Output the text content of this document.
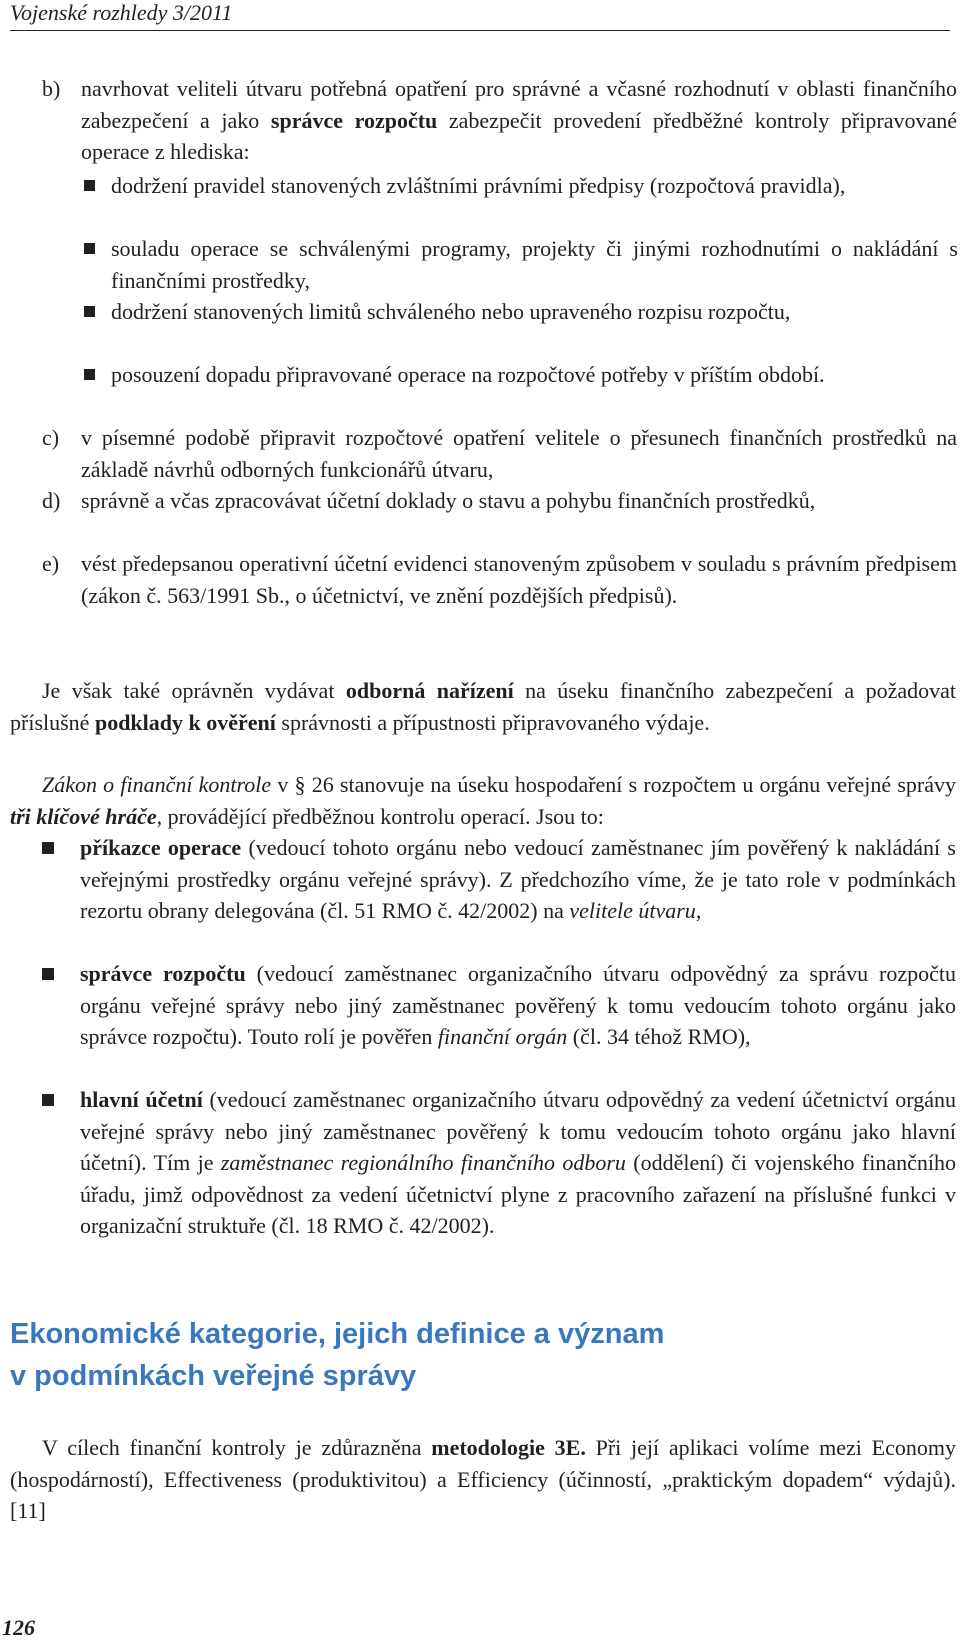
Vojenské rozhledy 3/2011
b) navrhovat veliteli útvaru potřebná opatření pro správné a včasné rozhodnutí v oblasti finančního zabezpečení a jako správce rozpočtu zabezpečit provedení předběžné kontroly připravované operace z hlediska:
dodržení pravidel stanovených zvláštními právními předpisy (rozpočtová pravidla),
souladu operace se schválenými programy, projekty či jinými rozhodnutími o nakládání s finančními prostředky,
dodržení stanovených limitů schváleného nebo upraveného rozpisu rozpočtu,
posouzení dopadu připravované operace na rozpočtové potřeby v příštím období.
c) v písemné podobě připravit rozpočtové opatření velitele o přesunech finančních prostředků na základě návrhů odborných funkcionářů útvaru,
d) správně a včas zpracovávat účetní doklady o stavu a pohybu finančních prostředků,
e) vést předepsanou operativní účetní evidenci stanoveným způsobem v souladu s právním předpisem (zákon č. 563/1991 Sb., o účetnictví, ve znění pozdějších předpisů).
Je však také oprávněn vydávat odborná nařízení na úseku finančního zabezpečení a požadovat příslušné podklady k ověření správnosti a přípustnosti připravovaného výdaje.
Zákon o finanční kontrole v § 26 stanovuje na úseku hospodaření s rozpočtem u orgánu veřejné správy tři klíčové hráče, provádějící předběžnou kontrolu operací. Jsou to:
příkazce operace (vedoucí tohoto orgánu nebo vedoucí zaměstnanec jím pověřený k nakládání s veřejnými prostředky orgánu veřejné správy). Z předchozího víme, že je tato role v podmínkách rezortu obrany delegována (čl. 51 RMO č. 42/2002) na velitele útvaru,
správce rozpočtu (vedoucí zaměstnanec organizačního útvaru odpovědný za správu rozpočtu orgánu veřejné správy nebo jiný zaměstnanec pověřený k tomu vedoucím tohoto orgánu jako správce rozpočtu). Touto rolí je pověřen finanční orgán (čl. 34 téhož RMO),
hlavní účetní (vedoucí zaměstnanec organizačního útvaru odpovědný za vedení účetnictví orgánu veřejné správy nebo jiný zaměstnanec pověřený k tomu vedoucím tohoto orgánu jako hlavní účetní). Tím je zaměstnanec regionálního finančního odboru (oddělení) či vojenského finančního úřadu, jimž odpovědnost za vedení účetnictví plyne z pracovního zařazení na příslušné funkci v organizační struktuře (čl. 18 RMO č. 42/2002).
Ekonomické kategorie, jejich definice a význam
v podmínkách veřejné správy
V cílech finanční kontroly je zdůrazněna metodologie 3E. Při její aplikaci volíme mezi Economy (hospodárností), Effectiveness (produktivitou) a Efficiency (účinností, „praktickým dopadem“ výdajů). [11]
126
